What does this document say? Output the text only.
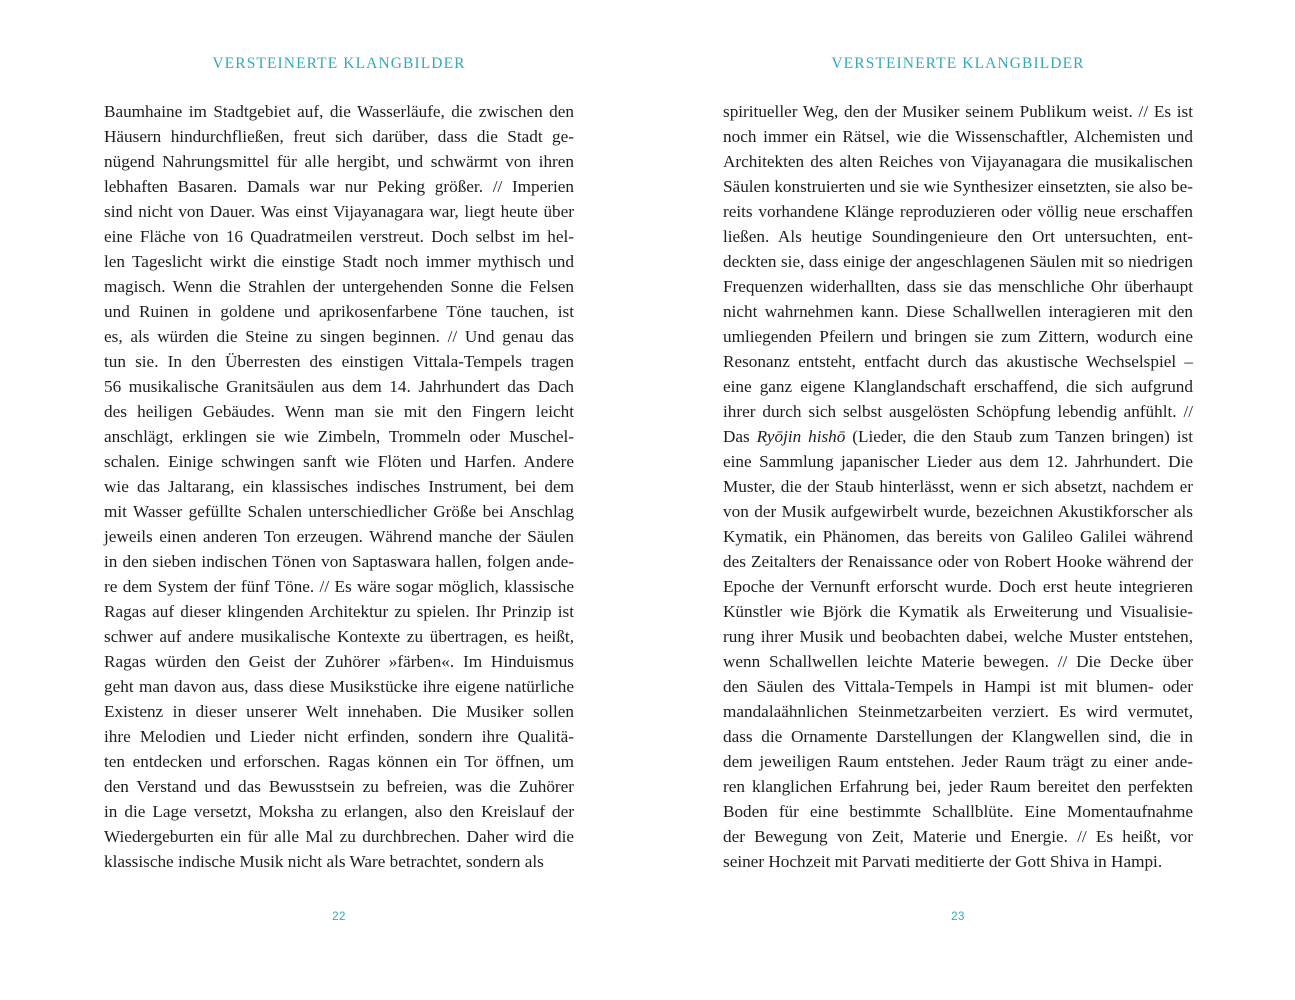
VERSTEINERTE KLANGBILDER
Baumhaine im Stadtgebiet auf, die Wasserläufe, die zwischen den
Häusern hindurchfließen, freut sich darüber, dass die Stadt ge-
nügend Nahrungsmittel für alle hergibt, und schwärmt von ihren
lebhaften Basaren. Damals war nur Peking größer. // Imperien
sind nicht von Dauer. Was einst Vijayanagara war, liegt heute über
eine Fläche von 16 Quadratmeilen verstreut. Doch selbst im hel-
len Tageslicht wirkt die einstige Stadt noch immer mythisch und
magisch. Wenn die Strahlen der untergehenden Sonne die Felsen
und Ruinen in goldene und aprikosenfarbene Töne tauchen, ist
es, als würden die Steine zu singen beginnen. // Und genau das
tun sie. In den Überresten des einstigen Vittala-Tempels tragen
56 musikalische Granitsäulen aus dem 14. Jahrhundert das Dach
des heiligen Gebäudes. Wenn man sie mit den Fingern leicht
anschlägt, erklingen sie wie Zimbeln, Trommeln oder Muschel-
schalen. Einige schwingen sanft wie Flöten und Harfen. Andere
wie das Jaltarang, ein klassisches indisches Instrument, bei dem
mit Wasser gefüllte Schalen unterschiedlicher Größe bei Anschlag
jeweils einen anderen Ton erzeugen. Während manche der Säulen
in den sieben indischen Tönen von Saptaswara hallen, folgen ande-
re dem System der fünf Töne. // Es wäre sogar möglich, klassische
Ragas auf dieser klingenden Architektur zu spielen. Ihr Prinzip ist
schwer auf andere musikalische Kontexte zu übertragen, es heißt,
Ragas würden den Geist der Zuhörer »färben«. Im Hinduismus
geht man davon aus, dass diese Musikstücke ihre eigene natürliche
Existenz in dieser unserer Welt innehaben. Die Musiker sollen
ihre Melodien und Lieder nicht erfinden, sondern ihre Qualitä-
ten entdecken und erforschen. Ragas können ein Tor öffnen, um
den Verstand und das Bewusstsein zu befreien, was die Zuhörer
in die Lage versetzt, Moksha zu erlangen, also den Kreislauf der
Wiedergeburten ein für alle Mal zu durchbrechen. Daher wird die
klassische indische Musik nicht als Ware betrachtet, sondern als
22
VERSTEINERTE KLANGBILDER
spiritueller Weg, den der Musiker seinem Publikum weist. // Es ist
noch immer ein Rätsel, wie die Wissenschaftler, Alchemisten und
Architekten des alten Reiches von Vijayanagara die musikalischen
Säulen konstruierten und sie wie Synthesizer einsetzten, sie also be-
reits vorhandene Klänge reproduzieren oder völlig neue erschaffen
ließen. Als heutige Soundingenieure den Ort untersuchten, ent-
deckten sie, dass einige der angeschlagenen Säulen mit so niedrigen
Frequenzen widerhallten, dass sie das menschliche Ohr überhaupt
nicht wahrnehmen kann. Diese Schallwellen interagieren mit den
umliegenden Pfeilern und bringen sie zum Zittern, wodurch eine
Resonanz entsteht, entfacht durch das akustische Wechselspiel –
eine ganz eigene Klanglandschaft erschaffend, die sich aufgrund
ihrer durch sich selbst ausgelösten Schöpfung lebendig anfühlt. //
Das Ryōjin hishō (Lieder, die den Staub zum Tanzen bringen) ist
eine Sammlung japanischer Lieder aus dem 12. Jahrhundert. Die
Muster, die der Staub hinterlässt, wenn er sich absetzt, nachdem er
von der Musik aufgewirbelt wurde, bezeichnen Akustikforscher als
Kymatik, ein Phänomen, das bereits von Galileo Galilei während
des Zeitalters der Renaissance oder von Robert Hooke während der
Epoche der Vernunft erforscht wurde. Doch erst heute integrieren
Künstler wie Björk die Kymatik als Erweiterung und Visualisie-
rung ihrer Musik und beobachten dabei, welche Muster entstehen,
wenn Schallwellen leichte Materie bewegen. // Die Decke über
den Säulen des Vittala-Tempels in Hampi ist mit blumen- oder
mandalaähnlichen Steinmetzarbeiten verziert. Es wird vermutet,
dass die Ornamente Darstellungen der Klangwellen sind, die in
dem jeweiligen Raum entstehen. Jeder Raum trägt zu einer ande-
ren klanglichen Erfahrung bei, jeder Raum bereitet den perfekten
Boden für eine bestimmte Schallblüte. Eine Momentaufnahme
der Bewegung von Zeit, Materie und Energie. // Es heißt, vor
seiner Hochzeit mit Parvati meditierte der Gott Shiva in Hampi.
23
